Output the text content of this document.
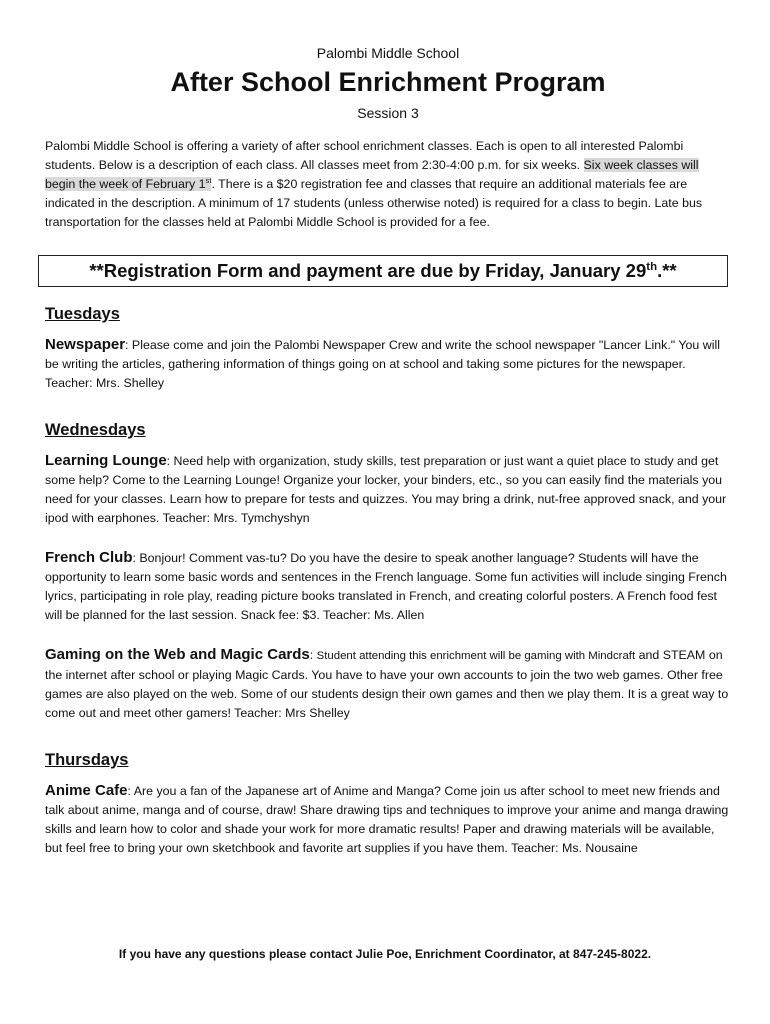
Palombi Middle School

After School Enrichment Program

Session 3

Palombi Middle School is offering a variety of after school enrichment classes. Each is open to all interested Palombi students. Below is a description of each class. All classes meet from 2:30-4:00 p.m. for six weeks. Six week classes will begin the week of February 1st. There is a $20 registration fee and classes that require an additional materials fee are indicated in the description. A minimum of 17 students (unless otherwise noted) is required for a class to begin. Late bus transportation for the classes held at Palombi Middle School is provided for a fee.

**Registration Form and payment are due by Friday, January 29th.**
Tuesdays

Newspaper: Please come and join the Palombi Newspaper Crew and write the school newspaper "Lancer Link." You will be writing the articles, gathering information of things going on at school and taking some pictures for the newspaper. Teacher: Mrs. Shelley

Wednesdays

Learning Lounge: Need help with organization, study skills, test preparation or just want a quiet place to study and get some help? Come to the Learning Lounge! Organize your locker, your binders, etc., so you can easily find the materials you need for your classes. Learn how to prepare for tests and quizzes. You may bring a drink, nut-free approved snack, and your ipod with earphones. Teacher: Mrs. Tymchyshyn

French Club: Bonjour! Comment vas-tu? Do you have the desire to speak another language? Students will have the opportunity to learn some basic words and sentences in the French language. Some fun activities will include singing French lyrics, participating in role play, reading picture books translated in French, and creating colorful posters. A French food fest will be planned for the last session. Snack fee: $3. Teacher: Ms. Allen

Gaming on the Web and Magic Cards: Student attending this enrichment will be gaming with Mindcraft and STEAM on the internet after school or playing Magic Cards. You have to have your own accounts to join the two web games. Other free games are also played on the web. Some of our students design their own games and then we play them. It is a great way to come out and meet other gamers! Teacher: Mrs Shelley

Thursdays

Anime Cafe: Are you a fan of the Japanese art of Anime and Manga? Come join us after school to meet new friends and talk about anime, manga and of course, draw! Share drawing tips and techniques to improve your anime and manga drawing skills and learn how to color and shade your work for more dramatic results! Paper and drawing materials will be available, but feel free to bring your own sketchbook and favorite art supplies if you have them. Teacher: Ms. Nousaine

If you have any questions please contact Julie Poe, Enrichment Coordinator, at 847-245-8022.
